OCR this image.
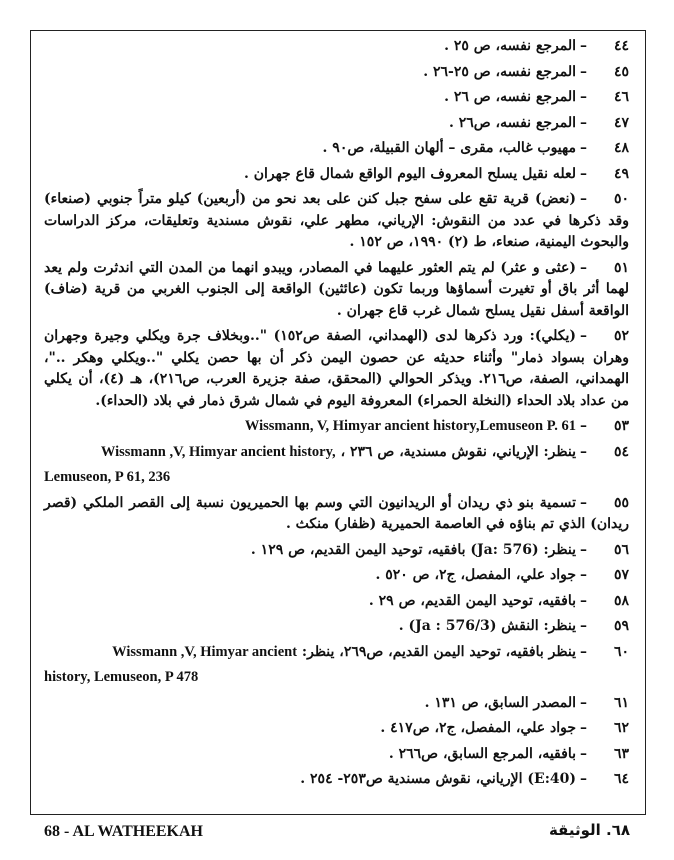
٤٤–المرجع نفسه، ص ٢٥ .

٤٥–المرجع نفسه، ص ٢٥-٢٦ .

٤٦–المرجع نفسه، ص ٢٦ .

٤٧–المرجع نفسه، ص٢٦ .

٤٨–مهيوب غالب، مقرى – ألهان القبيلة، ص٩٠ .

٤٩–لعله نقيل يسلح المعروف اليوم الواقع شمال قاع جهران .

٥٠–(نعض) قرية تقع على سفح جبل كنن على بعد نحو من (أربعين) كيلو متراً جنوبي (صنعاء) وقد ذكرها في عدد من النقوش: الإرياني، مطهر علي، نقوش مسندية وتعليقات، مركز الدراسات والبحوث اليمنية، صنعاء، ط (٢) ١٩٩٠، ص ١٥٢ .

٥١–(عثى و عثر) لم يتم العثور عليهما في المصادر، ويبدو انهما من المدن التي اندثرت ولم يعد لهما أثر باق أو تغيرت أسماؤها وربما تكون (عائثين) الواقعة إلى الجنوب الغربي من قرية (ضاف) الواقعة أسفل نقيل يسلح شمال غرب قاع جهران .

٥٢–(يكلي): ورد ذكرها لدى (الهمداني، الصفة ص١٥٢) "..وبخلاف جرة ويكلي وجيرة وجهران وهران بسواد ذمار" وأثناء حديثه عن حصون اليمن ذكر أن بها حصن يكلي "..ويكلي وهكر .."، الهمداني، الصفة، ص٢١٦. ويذكر الحوالي (المحقق، صفة جزيرة العرب، ص٢١٦)، هـ (٤)، أن يكلي من عداد بلاد الحداء (النخلة الحمراء) المعروفة اليوم في شمال شرق ذمار في بلاد (الحداء).

٥٣–Wissmann, V, Himyar ancient history,Lemuseon P. 61

٥٤–ينظر: الإرياني، نقوش مسندية، ص ٢٣٦ ، Wissmann ,V, Himyar ancient history,

Lemuseon, P 61, 236

٥٥–تسمية بنو ذي ريدان أو الريدانيون التي وسم بها الحميريون نسبة إلى القصر الملكي (قصر ريدان) الذي تم بناؤه في العاصمة الحميرية (ظفار) منكث .

٥٦–ينظر: (Ja: 576) بافقيه، توحيد اليمن القديم، ص ١٢٩ .

٥٧–جواد علي، المفصل، ج٢، ص ٥٢٠ .

٥٨–بافقيه، توحيد اليمن القديم، ص ٢٩ .

٥٩–ينظر: النقش (Ja : 576/3) .

٦٠–ينظر بافقيه، توحيد اليمن القديم، ص٢٦٩، ينظر: Wissmann ,V, Himyar ancient

history, Lemuseon, P 478

٦١–المصدر السابق، ص ١٣١ .

٦٢–جواد علي، المفصل، ج٢، ص٤١٧ .

٦٣–بافقيه، المرجع السابق، ص٢٦٦ .

٦٤–(E:40) الإرياني، نقوش مسندية ص٢٥٣- ٢٥٤ .

68 - AL WATHEEKAH	٦٨. الوثيقة
